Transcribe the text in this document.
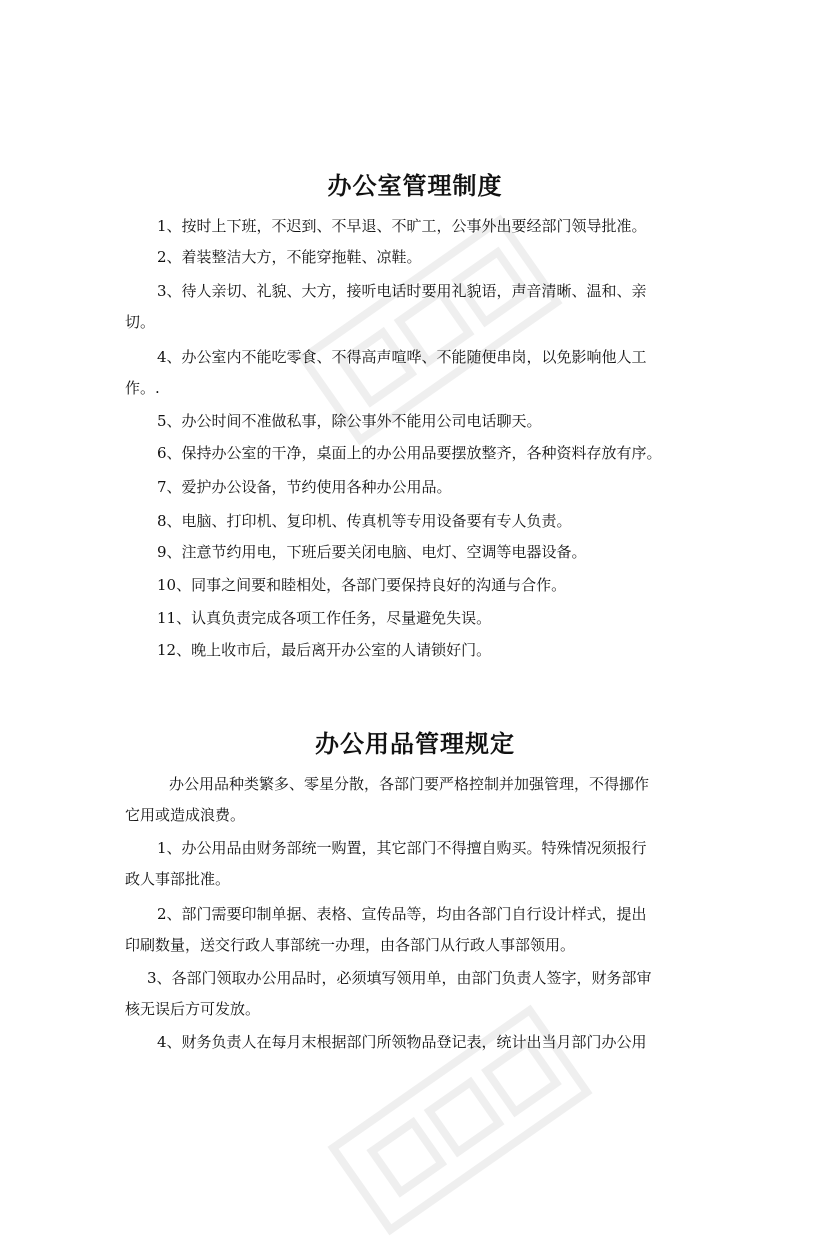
办公室管理制度

1、按时上下班，不迟到、不早退、不旷工，公事外出要经部门领导批准。

2、着装整洁大方，不能穿拖鞋、凉鞋。

3、待人亲切、礼貌、大方，接听电话时要用礼貌语，声音清晰、温和、亲
切。

4、办公室内不能吃零食、不得高声喧哗、不能随便串岗，以免影响他人工
作。.

5、办公时间不准做私事，除公事外不能用公司电话聊天。

6、保持办公室的干净，桌面上的办公用品要摆放整齐，各种资料存放有序。

7、爱护办公设备，节约使用各种办公用品。

8、电脑、打印机、复印机、传真机等专用设备要有专人负责。

9、注意节约用电，下班后要关闭电脑、电灯、空调等电器设备。

10、同事之间要和睦相处，各部门要保持良好的沟通与合作。

11、认真负责完成各项工作任务，尽量避免失误。

12、晚上收市后，最后离开办公室的人请锁好门。

办公用品管理规定

办公用品种类繁多、零星分散，各部门要严格控制并加强管理，不得挪作
它用或造成浪费。

1、办公用品由财务部统一购置，其它部门不得擅自购买。特殊情况须报行
政人事部批准。

2、部门需要印制单据、表格、宣传品等，均由各部门自行设计样式，提出
印刷数量，送交行政人事部统一办理，由各部门从行政人事部领用。

3、各部门领取办公用品时，必须填写领用单，由部门负责人签字，财务部审
核无误后方可发放。

4、财务负责人在每月末根据部门所领物品登记表，统计出当月部门办公用
